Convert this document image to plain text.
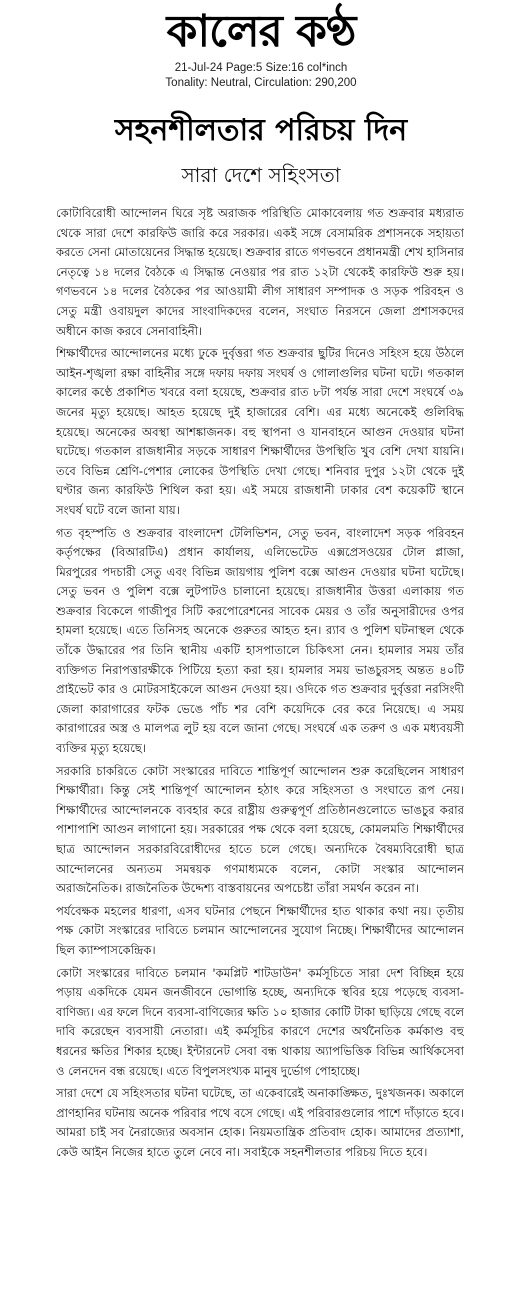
কালের কণ্ঠ
21-Jul-24 Page:5 Size:16 col*inch
Tonality: Neutral, Circulation: 290,200
সহনশীলতার পরিচয় দিন
সারা দেশে সহিংসতা

কোটাবিরোধী আন্দোলন ঘিরে সৃষ্ট অরাজক পরিস্থিতি মোকাবেলায় গত শুক্রবার মধ্যরাত থেকে সারা দেশে কারফিউ জারি করে সরকার। একই সঙ্গে বেসামরিক প্রশাসনকে সহায়তা করতে সেনা মোতায়েনের সিদ্ধান্ত হয়েছে। শুক্রবার রাতে গণভবনে প্রধানমন্ত্রী শেখ হাসিনার নেতৃত্বে ১৪ দলের বৈঠকে এ সিদ্ধান্ত নেওয়ার পর রাত ১২টা থেকেই কারফিউ শুরু হয়। গণভবনে ১৪ দলের বৈঠকের পর আওয়ামী লীগ সাধারণ সম্পাদক ও সড়ক পরিবহন ও সেতু মন্ত্রী ওবায়দুল কাদের সাংবাদিকদের বলেন, সংঘাত নিরসনে জেলা প্রশাসকদের অধীনে কাজ করবে সেনাবাহিনী।

শিক্ষার্থীদের আন্দোলনের মধ্যে ঢুকে দুর্বৃত্তরা গত শুক্রবার ছুটির দিনেও সহিংস হয়ে উঠলে আইন-শৃঙ্খলা রক্ষা বাহিনীর সঙ্গে দফায় দফায় সংঘর্ষ ও গোলাগুলির ঘটনা ঘটে। গতকাল কালের কণ্ঠে প্রকাশিত খবরে বলা হয়েছে, শুক্রবার রাত ৮টা পর্যন্ত সারা দেশে সংঘর্ষে ৩৯ জনের মৃত্যু হয়েছে। আহত হয়েছে দুই হাজারের বেশি। এর মধ্যে অনেকেই গুলিবিদ্ধ হয়েছে। অনেকের অবস্থা আশঙ্কাজনক। বহু স্থাপনা ও যানবাহনে আগুন দেওয়ার ঘটনা ঘটেছে। গতকাল রাজধানীর সড়কে সাধারণ শিক্ষার্থীদের উপস্থিতি খুব বেশি দেখা যায়নি। তবে বিভিন্ন শ্রেণি-পেশার লোকের উপস্থিতি দেখা গেছে। শনিবার দুপুর ১২টা থেকে দুই ঘণ্টার জন্য কারফিউ শিথিল করা হয়। এই সময়ে রাজধানী ঢাকার বেশ কয়েকটি স্থানে সংঘর্ষ ঘটে বলে জানা যায়।

গত বৃহস্পতি ও শুক্রবার বাংলাদেশ টেলিভিশন, সেতু ভবন, বাংলাদেশ সড়ক পরিবহন কর্তৃপক্ষের (বিআরটিএ) প্রধান কার্যালয়, এলিভেটেড এক্সপ্রেসওয়ের টোল প্লাজা, মিরপুরের পদচারী সেতু এবং বিভিন্ন জায়গায় পুলিশ বক্সে আগুন দেওয়ার ঘটনা ঘটেছে। সেতু ভবন ও পুলিশ বক্সে লুটপাটও চালানো হয়েছে। রাজধানীর উত্তরা এলাকায় গত শুক্রবার বিকেলে গাজীপুর সিটি করপোরেশনের সাবেক মেয়র ও তাঁর অনুসারীদের ওপর হামলা হয়েছে। এতে তিনিসহ অনেকে গুরুতর আহত হন। র‍্যাব ও পুলিশ ঘটনাস্থল থেকে তাঁকে উদ্ধারের পর তিনি স্থানীয় একটি হাসপাতালে চিকিৎসা নেন। হামলার সময় তাঁর ব্যক্তিগত নিরাপত্তারক্ষীকে পিটিয়ে হত্যা করা হয়। হামলার সময় ভাঙচুরসহ অন্তত ৪০টি প্রাইভেট কার ও মোটরসাইকেলে আগুন দেওয়া হয়। ওদিকে গত শুক্রবার দুর্বৃত্তরা নরসিংদী জেলা কারাগারের ফটক ভেঙে পাঁচ শর বেশি কয়েদিকে বের করে নিয়েছে। এ সময় কারাগারের অস্ত্র ও মালপত্র লুট হয় বলে জানা গেছে। সংঘর্ষে এক তরুণ ও এক মধ্যবয়সী ব্যক্তির মৃত্যু হয়েছে।

সরকারি চাকরিতে কোটা সংস্কারের দাবিতে শান্তিপূর্ণ আন্দোলন শুরু করেছিলেন সাধারণ শিক্ষার্থীরা। কিন্তু সেই শান্তিপূর্ণ আন্দোলন হঠাৎ করে সহিংসতা ও সংঘাতে রূপ নেয়। শিক্ষার্থীদের আন্দোলনকে ব্যবহার করে রাষ্ট্রীয় গুরুত্বপূর্ণ প্রতিষ্ঠানগুলোতে ভাঙচুর করার পাশাপাশি আগুন লাগানো হয়। সরকারের পক্ষ থেকে বলা হয়েছে, কোমলমতি শিক্ষার্থীদের ছাত্র আন্দোলন সরকারবিরোধীদের হাতে চলে গেছে। অন্যদিকে বৈষম্যবিরোধী ছাত্র আন্দোলনের অন্যতম সমন্বয়ক গণমাধ্যমকে বলেন, কোটা সংস্কার আন্দোলন অরাজনৈতিক। রাজনৈতিক উদ্দেশ্য বাস্তবায়নের অপচেষ্টা তাঁরা সমর্থন করেন না।

পর্যবেক্ষক মহলের ধারণা, এসব ঘটনার পেছনে শিক্ষার্থীদের হাত থাকার কথা নয়। তৃতীয় পক্ষ কোটা সংস্কারের দাবিতে চলমান আন্দোলনের সুযোগ নিচ্ছে। শিক্ষার্থীদের আন্দোলন ছিল ক্যাম্পাসকেন্দ্রিক।

কোটা সংস্কারের দাবিতে চলমান 'কমপ্লিট শাটডাউন' কর্মসূচিতে সারা দেশ বিচ্ছিন্ন হয়ে পড়ায় একদিকে যেমন জনজীবনে ভোগান্তি হচ্ছে, অন্যদিকে স্থবির হয়ে পড়েছে ব্যবসা-বাণিজ্য। এর ফলে দিনে ব্যবসা-বাণিজ্যের ক্ষতি ১০ হাজার কোটি টাকা ছাড়িয়ে গেছে বলে দাবি করেছেন ব্যবসায়ী নেতারা। এই কর্মসূচির কারণে দেশের অর্থনৈতিক কর্মকাণ্ড বহু ধরনের ক্ষতির শিকার হচ্ছে। ইন্টারনেট সেবা বন্ধ থাকায় অ্যাপভিত্তিক বিভিন্ন আর্থিকসেবা ও লেনদেন বন্ধ রয়েছে। এতে বিপুলসংখ্যক মানুষ দুর্ভোগ পোহাচ্ছে।

সারা দেশে যে সহিংসতার ঘটনা ঘটেছে, তা একেবারেই অনাকাঙ্ক্ষিত, দুঃখজনক। অকালে প্রাণহানির ঘটনায় অনেক পরিবার পথে বসে গেছে। এই পরিবারগুলোর পাশে দাঁড়াতে হবে। আমরা চাই সব নৈরাজ্যের অবসান হোক। নিয়মতান্ত্রিক প্রতিবাদ হোক। আমাদের প্রত্যাশা, কেউ আইন নিজের হাতে তুলে নেবে না। সবাইকে সহনশীলতার পরিচয় দিতে হবে।
